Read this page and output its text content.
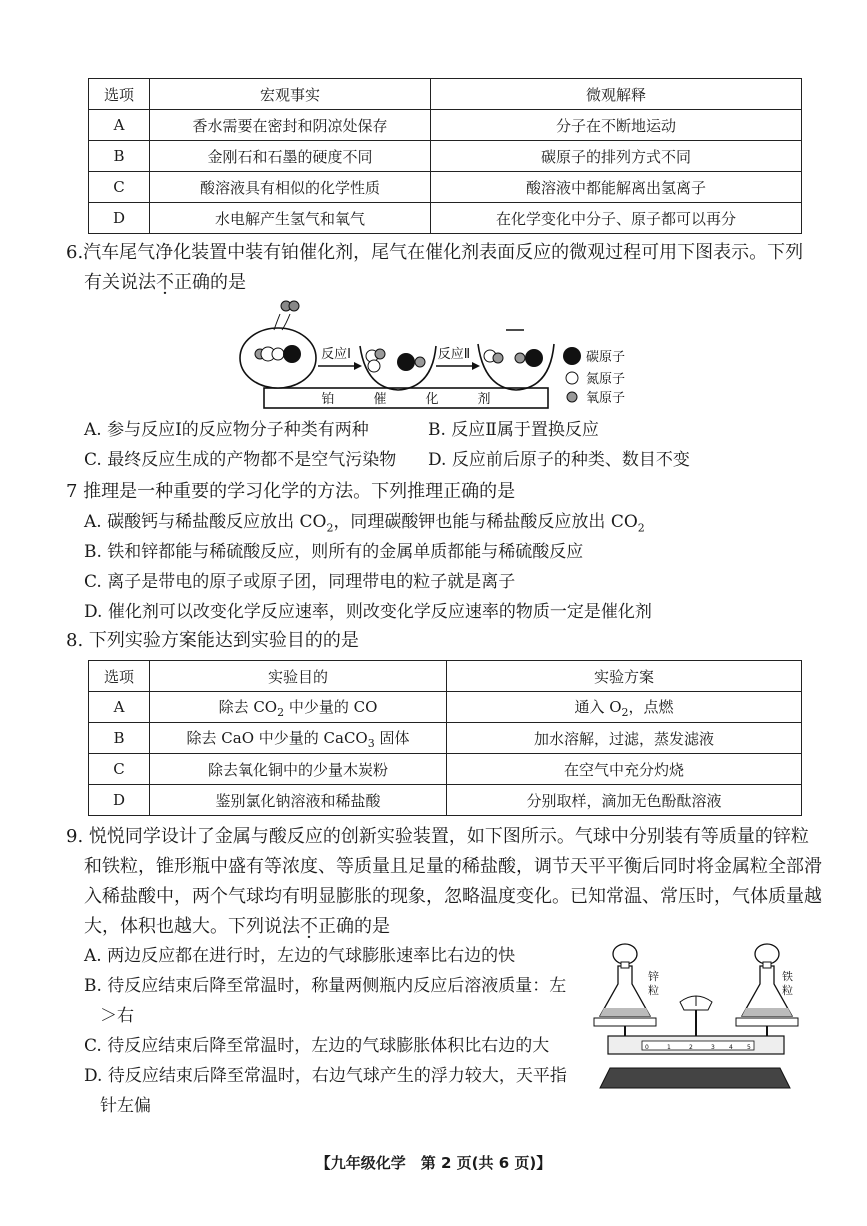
选项	宏观事实	微观解释
A	香水需要在密封和阴凉处保存	分子在不断地运动
B	金刚石和石墨的硬度不同	碳原子的排列方式不同
C	酸溶液具有相似的化学性质	酸溶液中都能解离出氢离子
D	水电解产生氢气和氧气	在化学变化中分子、原子都可以再分
6.汽车尾气净化装置中装有铂催化剂，尾气在催化剂表面反应的微观过程可用下图表示。下列
有关说法不正确的是
铂　　　催　　　化　　　剂
反应Ⅰ	反应Ⅱ	碳原子
氮原子
氧原子
A. 参与反应Ⅰ的反应物分子种类有两种	B. 反应Ⅱ属于置换反应
C. 最终反应生成的产物都不是空气污染物 D. 反应前后原子的种类、数目不变
7 推理是一种重要的学习化学的方法。下列推理正确的是
A. 碳酸钙与稀盐酸反应放出 $CO_2$，同理碳酸钾也能与稀盐酸反应放出 $CO_2$
B. 铁和锌都能与稀硫酸反应，则所有的金属单质都能与稀硫酸反应
C. 离子是带电的原子或原子团，同理带电的粒子就是离子
D. 催化剂可以改变化学反应速率，则改变化学反应速率的物质一定是催化剂
8. 下列实验方案能达到实验目的的是
选项	实验目的	实验方案
A	除去 $CO_2$ 中少量的 CO	通入 $O_2$，点燃
B	除去 CaO 中少量的 CaCO$_3$ 固体	加水溶解，过滤，蒸发滤液
C	除去氧化铜中的少量木炭粉	在空气中充分灼烧
D	鉴别氯化钠溶液和稀盐酸	分别取样，滴加无色酚酞溶液
9. 悦悦同学设计了金属与酸反应的创新实验装置，如下图所示。气球中分别装有等质量的锌粒
和铁粒，锥形瓶中盛有等浓度、等质量且足量的稀盐酸，调节天平平衡后同时将金属粒全部滑
入稀盐酸中，两个气球均有明显膨胀的现象，忽略温度变化。已知常温、常压时，气体质量越
大，体积也越大。下列说法不正确的是
A. 两边反应都在进行时，左边的气球膨胀速率比右边的快
B. 待反应结束后降至常温时，称量两侧瓶内反应后溶液质量：左
＞右
C. 待反应结束后降至常温时，左边的气球膨胀体积比右边的大
D. 待反应结束后降至常温时，右边气球产生的浮力较大，天平指
针左偏
0	1	2	3 4 5
锌
粒
铁
粒
【九年级化学　第 2 页(共 6 页)】
